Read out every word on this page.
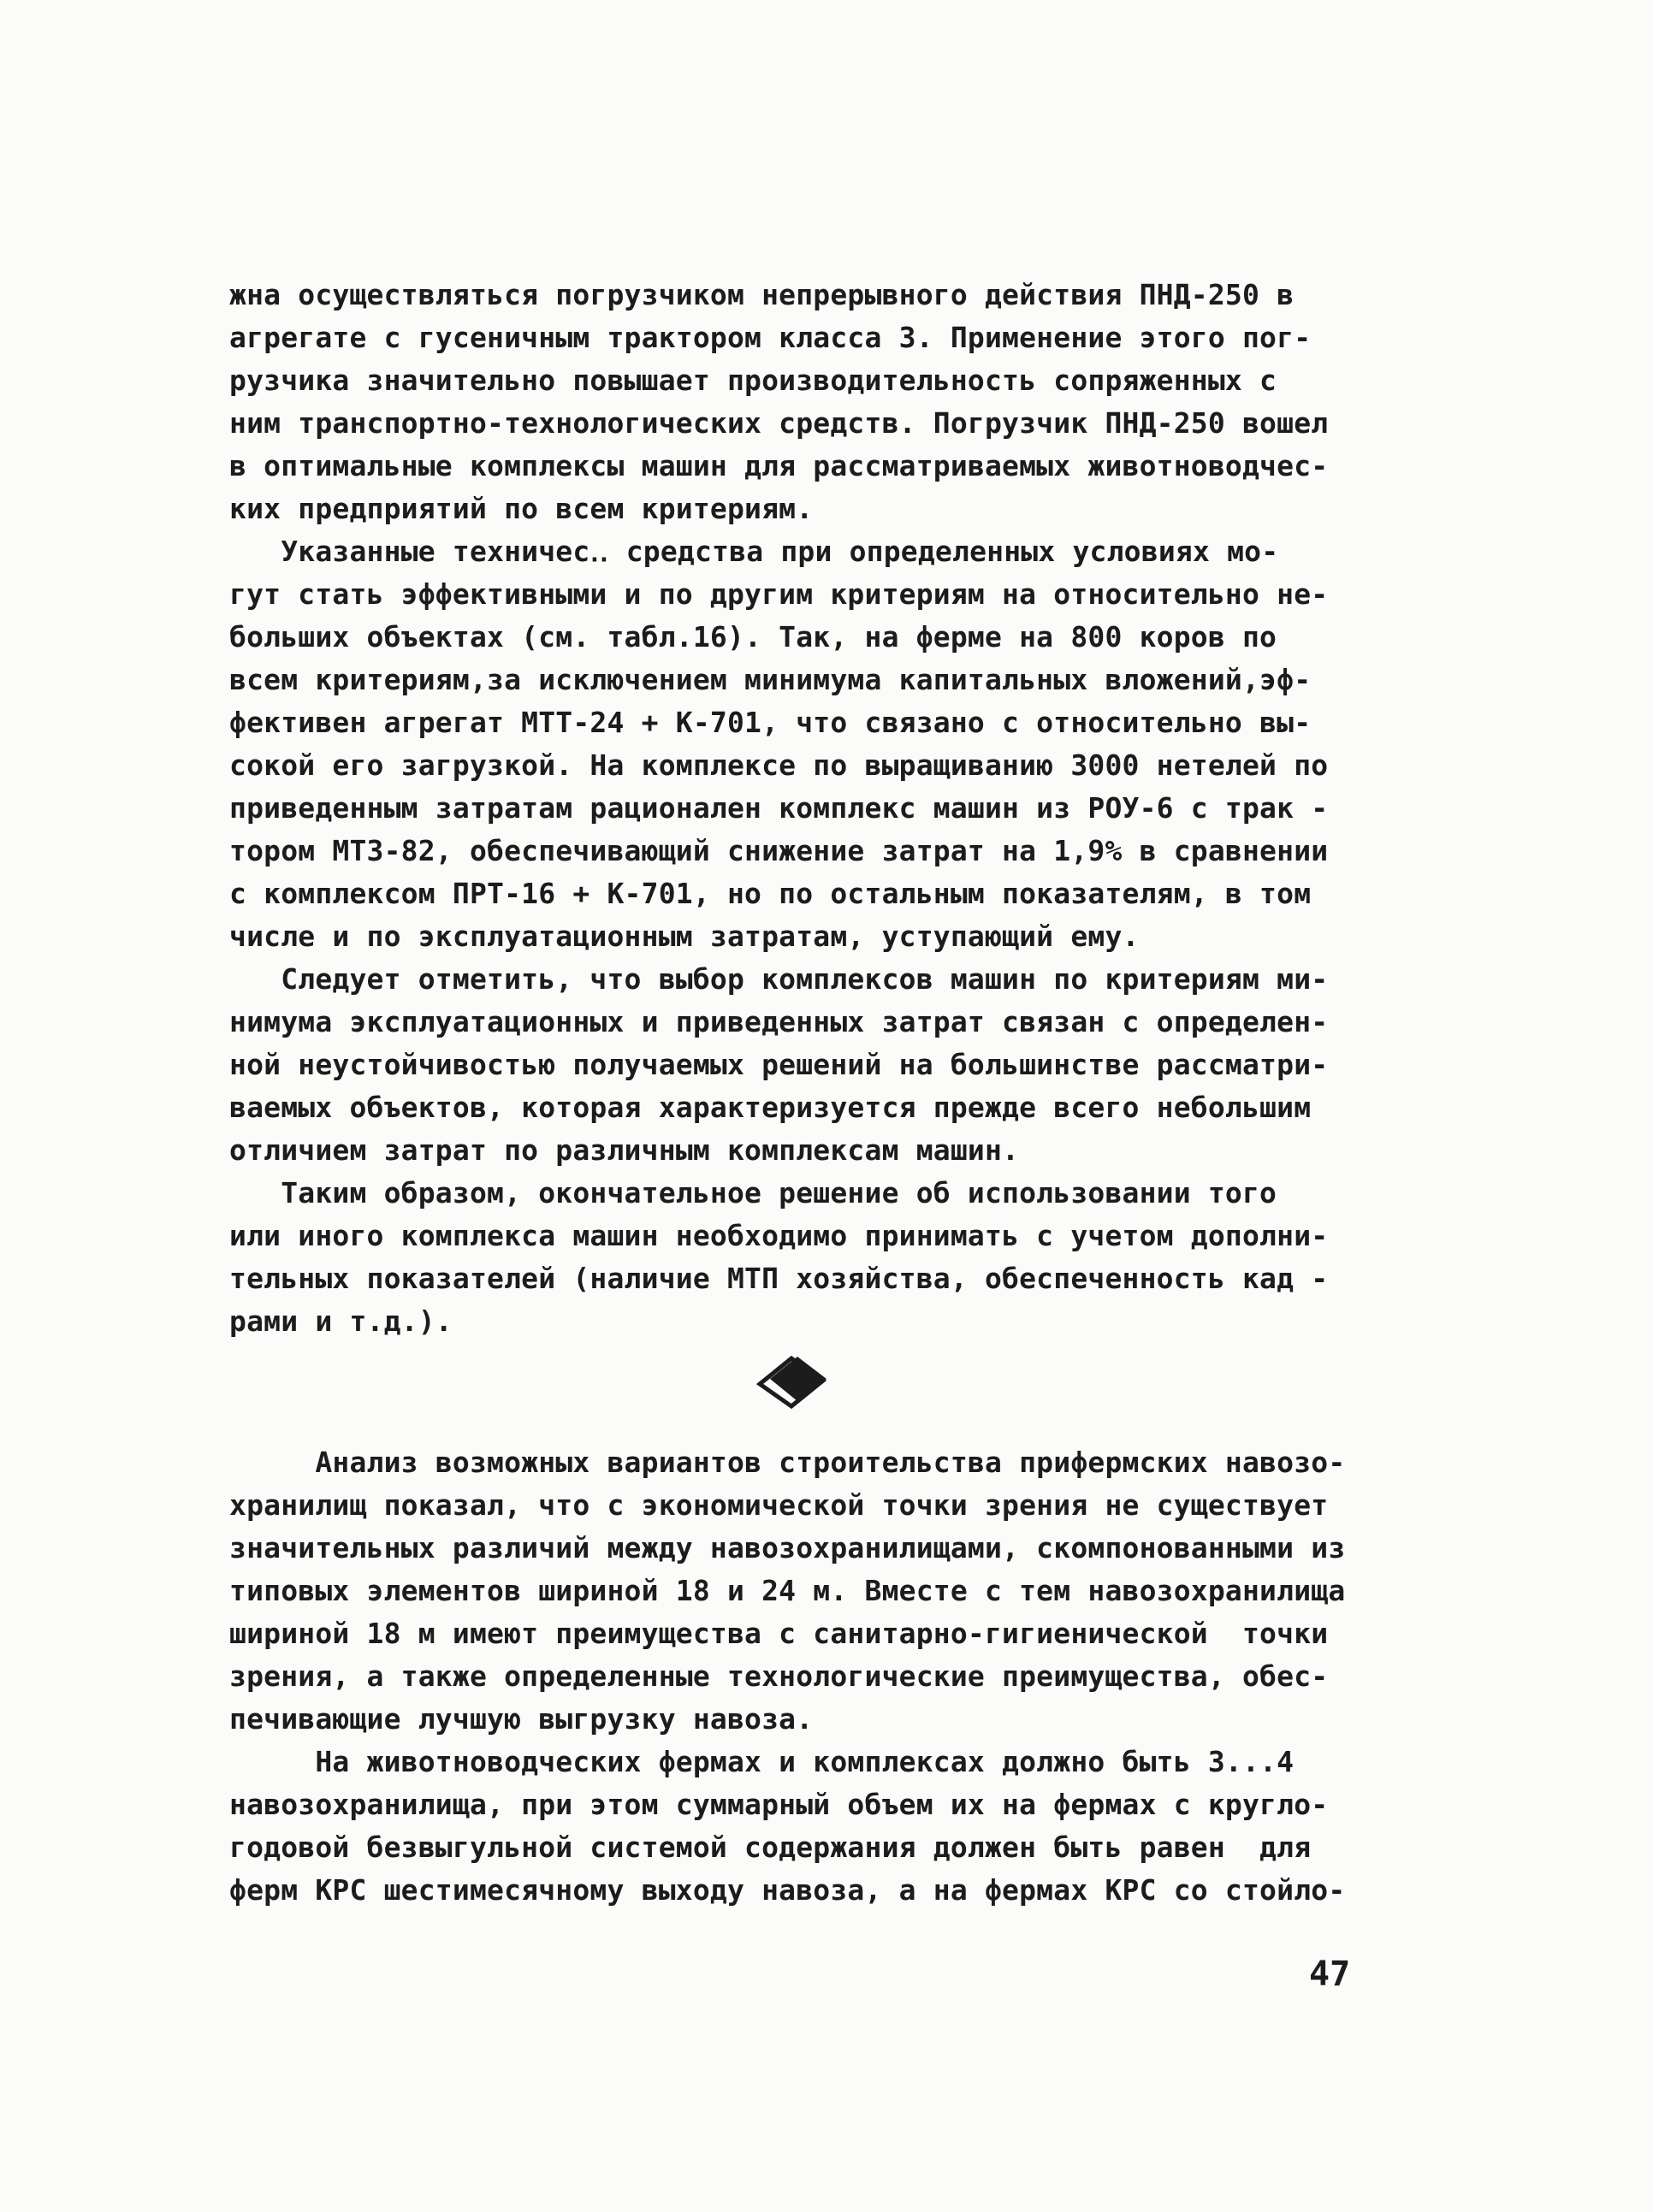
жна осуществляться погрузчиком непрерывного действия ПНД-250 в
агрегате с гусеничным трактором класса 3. Применение этого пог-
рузчика значительно повышает производительность сопряженных с
ним транспортно-технологических средств. Погрузчик ПНД-250 вошел
в оптимальные комплексы машин для рассматриваемых животноводчес-
ких предприятий по всем критериям.
Указанные техничес‥ средства при определенных условиях мо-
гут стать эффективными и по другим критериям на относительно не-
больших объектах (см. табл.16). Так, на ферме на 800 коров по
всем критериям,за исключением минимума капитальных вложений,эф-
фективен агрегат МТТ-24 + К-701, что связано с относительно вы-
сокой его загрузкой. На комплексе по выращиванию 3000 нетелей по
приведенным затратам рационален комплекс машин из РОУ-6 с трак -
тором МТЗ-82, обеспечивающий снижение затрат на 1,9% в сравнении
с комплексом ПРТ-16 + К-701, но по остальным показателям, в том
числе и по эксплуатационным затратам, уступающий ему.
Следует отметить, что выбор комплексов машин по критериям ми-
нимума эксплуатационных и приведенных затрат связан с определен-
ной неустойчивостью получаемых решений на большинстве рассматри-
ваемых объектов, которая характеризуется прежде всего небольшим
отличием затрат по различным комплексам машин.
Таким образом, окончательное решение об использовании того
или иного комплекса машин необходимо принимать с учетом дополни-
тельных показателей (наличие МТП хозяйства, обеспеченность кад -
рами и т.д.).
Анализ возможных вариантов строительства прифермских навозо-
хранилищ показал, что с экономической точки зрения не существует
значительных различий между навозохранилищами, скомпонованными из
типовых элементов шириной 18 и 24 м. Вместе с тем навозохранилища
шириной 18 м имеют преимущества с санитарно-гигиенической  точки
зрения, а также определенные технологические преимущества, обес-
печивающие лучшую выгрузку навоза.
На животноводческих фермах и комплексах должно быть 3...4
навозохранилища, при этом суммарный объем их на фермах с кругло-
годовой безвыгульной системой содержания должен быть равен  для
ферм КРС шестимесячному выходу навоза, а на фермах КРС со стойло-
47
